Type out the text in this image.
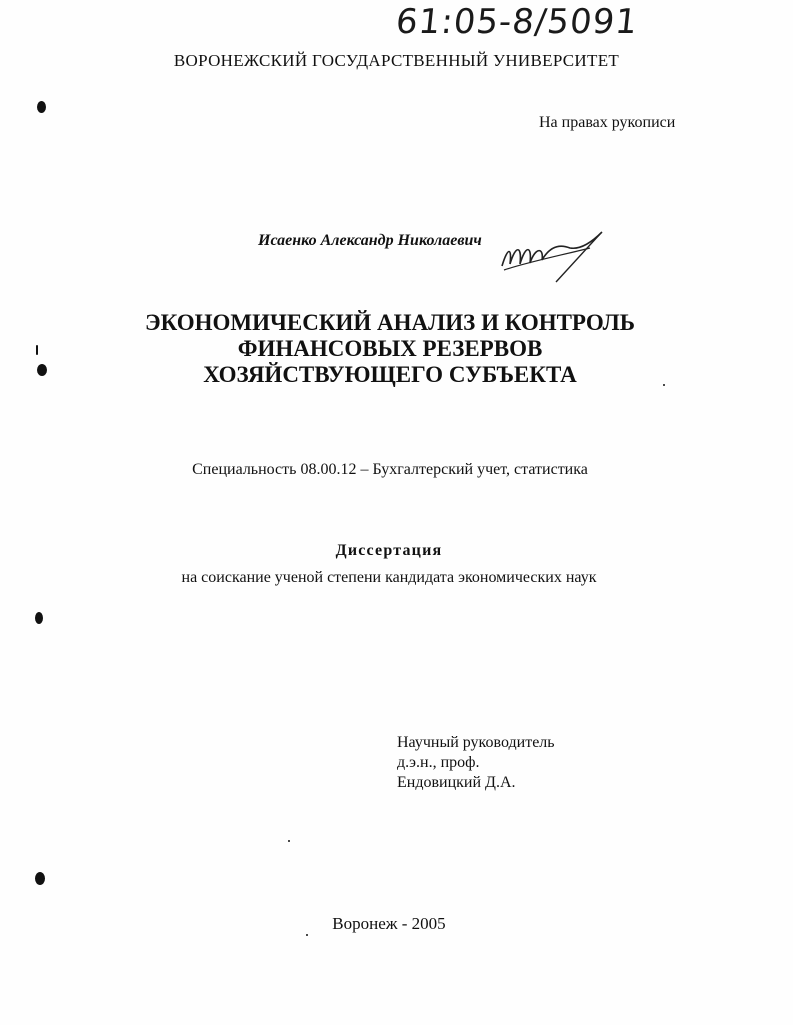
61:05-8/5091
ВОРОНЕЖСКИЙ ГОСУДАРСТВЕННЫЙ УНИВЕРСИТЕТ
На правах рукописи
Исаенко Александр Николаевич
ЭКОНОМИЧЕСКИЙ АНАЛИЗ И КОНТРОЛЬ
ФИНАНСОВЫХ РЕЗЕРВОВ
ХОЗЯЙСТВУЮЩЕГО СУБЪЕКТА
Специальность 08.00.12 – Бухгалтерский учет, статистика
Диссертация
на соискание ученой степени кандидата экономических наук
Научный руководитель
д.э.н., проф.
Ендовицкий Д.А.
Воронеж - 2005
